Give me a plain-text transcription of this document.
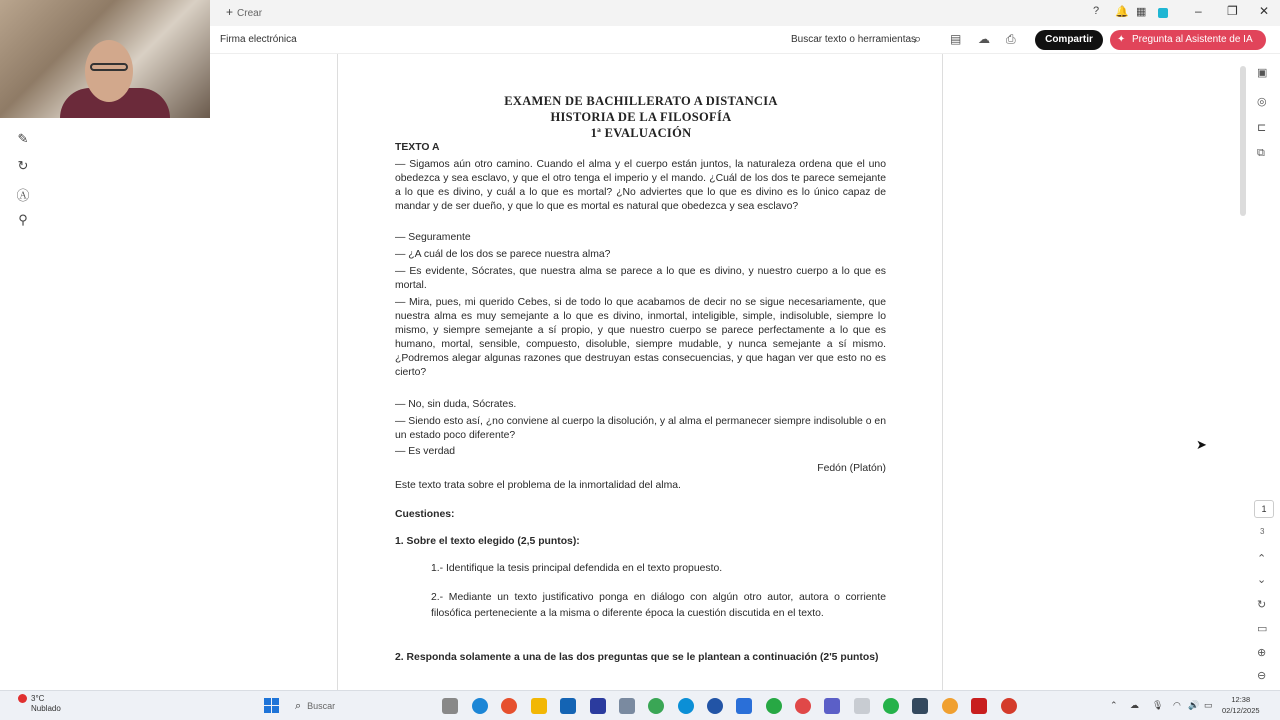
+ Crear	? 🔔 ▦	– ❐ ✕
Firma electrónica	Buscar texto o herramientas
⌕ ▤ ☁ ⎙	Compartir	✦ Pregunta al Asistente de IA
✎
↻
Ⓐ
⚲
▣
◎
⊏
⧉
1
3
⌃
⌄
↻
▭
⊕
⊖
➤
EXAMEN DE BACHILLERATO A DISTANCIA
HISTORIA DE LA FILOSOFÍA
1ª EVALUACIÓN
TEXTO A
— Sigamos aún otro camino. Cuando el alma y el cuerpo están juntos, la naturaleza ordena que el uno obedezca y sea esclavo, y que el otro tenga el imperio y el mando. ¿Cuál de los dos te parece semejante a lo que es divino, y cuál a lo que es mortal? ¿No adviertes que lo que es divino es lo único capaz de mandar y de ser dueño, y que lo que es mortal es natural que obedezca y sea esclavo?
— Seguramente
— ¿A cuál de los dos se parece nuestra alma?
— Es evidente, Sócrates, que nuestra alma se parece a lo que es divino, y nuestro cuerpo a lo que es mortal.
— Mira, pues, mi querido Cebes, si de todo lo que acabamos de decir no se sigue necesariamente, que nuestra alma es muy semejante a lo que es divino, inmortal, inteligible, simple, indisoluble, siempre lo mismo, y siempre semejante a sí propio, y que nuestro cuerpo se parece perfectamente a lo que es humano, mortal, sensible, compuesto, disoluble, siempre mudable, y nunca semejante a sí mismo. ¿Podremos alegar algunas razones que destruyan estas consecuencias, y que hagan ver que esto no es cierto?
— No, sin duda, Sócrates.
— Siendo esto así, ¿no conviene al cuerpo la disolución, y al alma el permanecer siempre indisoluble o en un estado poco diferente?
— Es verdad
Fedón (Platón)
Este texto trata sobre el problema de la inmortalidad del alma.
Cuestiones:
1. Sobre el texto elegido (2,5 puntos):
1.- Identifique la tesis principal defendida en el texto propuesto.
2.- Mediante un texto justificativo ponga en diálogo con algún otro autor, autora o corriente filosófica perteneciente a la misma o diferente época la cuestión discutida en el texto.
2. Responda solamente a una de las dos preguntas que se le plantean a continuación (2'5 puntos)
3°C
Nublado	⌕ Buscar	⌃ ☁ 🎙 ◠ 🔊 ▭
12:38
02/12/2025
